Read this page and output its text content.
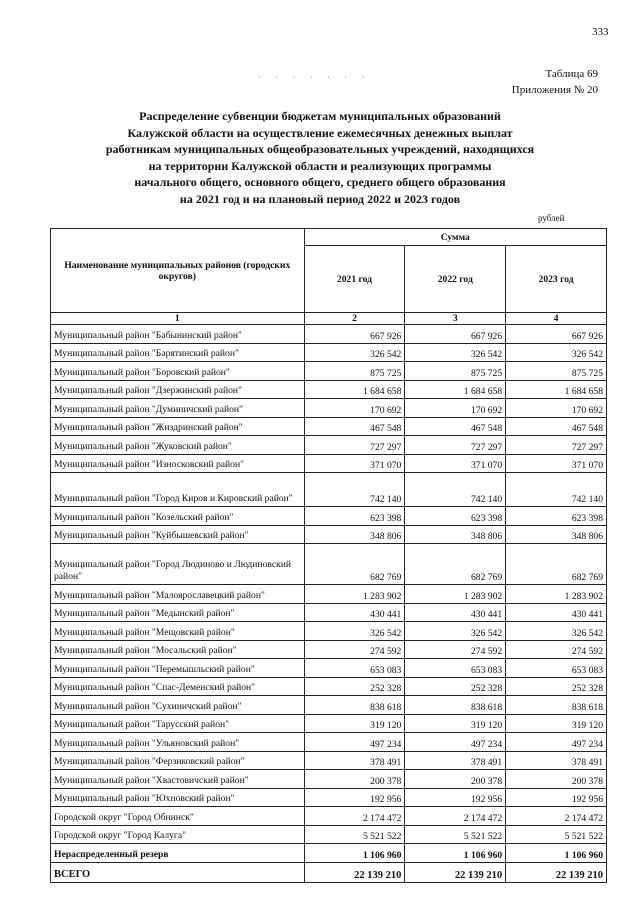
333
· · · · · · ·	Таблица 69
Приложения № 20
Распределение субвенции бюджетам муниципальных образований
Калужской области на осуществление ежемесячных денежных выплат
работникам муниципальных общеобразовательных учреждений, находящихся
на территории Калужской области и реализующих программы
начального общего, основного общего, среднего общего образования
на 2021 год и на плановый период 2022 и 2023 годов
рублей
Наименование муниципальных районов (городских округов)	Сумма		
	2021 год	2022 год	2023 год
1	2	3	4
Муниципальный район "Бабынинский район"	667 926	667 926	667 926
Муниципальный район "Барятинский район"	326 542	326 542	326 542
Муниципальный район "Боровский район"	875 725	875 725	875 725
Муниципальный район "Дзержинский район"	1 684 658	1 684 658	1 684 658
Муниципальный район "Думиничский район"	170 692	170 692	170 692
Муниципальный район "Жиздринский район"	467 548	467 548	467 548
Муниципальный район "Жуковский район"	727 297	727 297	727 297
Муниципальный район "Износковский район"	371 070	371 070	371 070
Муниципальный район "Город Киров и Кировский район"	742 140	742 140	742 140
Муниципальный район "Козельский район"	623 398	623 398	623 398
Муниципальный район "Куйбышевский район"	348 806	348 806	348 806
Муниципальный район "Город Людиново и Людиновский район"	682 769	682 769	682 769
Муниципальный район "Малоярославецкий район"	1 283 902	1 283 902	1 283 902
Муниципальный район "Медынский район"	430 441	430 441	430 441
Муниципальный район "Мещовский район"	326 542	326 542	326 542
Муниципальный район "Мосальский район"	274 592	274 592	274 592
Муниципальный район "Перемышльский район"	653 083	653 083	653 083
Муниципальный район "Спас-Деменский район"	252 328	252 328	252 328
Муниципальный район "Сухиничский район"	838 618	838 618	838 618
Муниципальный район "Тарусский район"	319 120	319 120	319 120
Муниципальный район "Ульяновский район"	497 234	497 234	497 234
Муниципальный район "Ферзиковский район"	378 491	378 491	378 491
Муниципальный район "Хвастовичский район"	200 378	200 378	200 378
Муниципальный район "Юхновский район"	192 956	192 956	192 956
Городской округ "Город Обнинск"	2 174 472	2 174 472	2 174 472
Городской округ "Город Калуга"	5 521 522	5 521 522	5 521 522
Нераспределенный резерв	1 106 960	1 106 960	1 106 960
ВСЕГО	22 139 210	22 139 210	22 139 210
